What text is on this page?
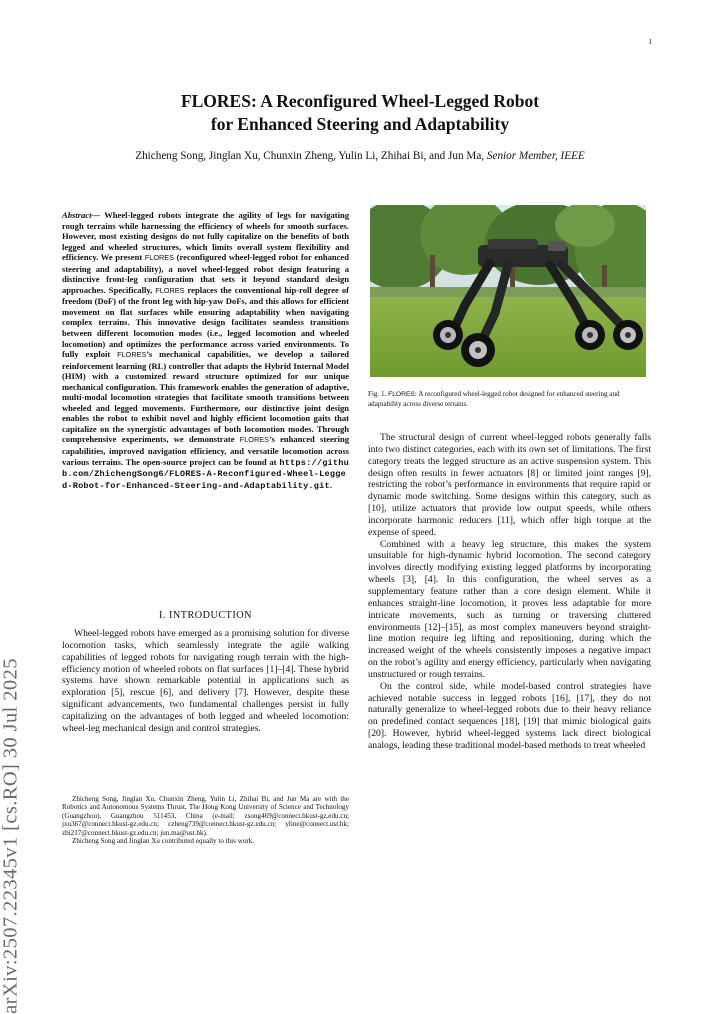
1
arXiv:2507.22345v1 [cs.RO] 30 Jul 2025
FLORES: A Reconfigured Wheel-Legged Robot
for Enhanced Steering and Adaptability
Zhicheng Song, Jinglan Xu, Chunxin Zheng, Yulin Li, Zhihai Bi, and Jun Ma, Senior Member, IEEE
Abstract— Wheel-legged robots integrate the agility of legs for navigating rough terrains while harnessing the efficiency of wheels for smooth surfaces. However, most existing designs do not fully capitalize on the benefits of both legged and wheeled structures, which limits overall system flexibility and efficiency. We present FLORES (reconfigured wheel-legged robot for enhanced steering and adaptability), a novel wheel-legged robot design featuring a distinctive front-leg configuration that sets it beyond standard design approaches. Specifically, FLORES replaces the conventional hip-roll degree of freedom (DoF) of the front leg with hip-yaw DoFs, and this allows for efficient movement on flat surfaces while ensuring adaptability when navigating complex terrains. This innovative design facilitates seamless transitions between different locomotion modes (i.e., legged locomotion and wheeled locomotion) and optimizes the performance across varied environments. To fully exploit FLORES’s mechanical capabilities, we develop a tailored reinforcement learning (RL) controller that adapts the Hybrid Internal Model (HIM) with a customized reward structure optimized for our unique mechanical configuration. This framework enables the generation of adaptive, multi-modal locomotion strategies that facilitate smooth transitions between wheeled and legged movements. Furthermore, our distinctive joint design enables the robot to exhibit novel and highly efficient locomotion gaits that capitalize on the synergistic advantages of both locomotion modes. Through comprehensive experiments, we demonstrate FLORES’s enhanced steering capabilities, improved navigation efficiency, and versatile locomotion across various terrains. The open-source project can be found at https://github.com/ZhichengSong6/FLORES-A-Reconfigured-Wheel-Legged-Robot-for-Enhanced-Steering-and-Adaptability.git.
I. INTRODUCTION

Wheel-legged robots have emerged as a promising solution for diverse locomotion tasks, which seamlessly integrate the agile walking capabilities of legged robots for navigating rough terrain with the high-efficiency motion of wheeled robots on flat surfaces [1]–[4]. These hybrid systems have shown remarkable potential in applications such as exploration [5], rescue [6], and delivery [7]. However, despite these significant advancements, two fundamental challenges persist in fully capitalizing on the advantages of both legged and wheeled locomotion: wheel-leg mechanical design and control strategies.

Zhicheng Song, Jinglan Xu, Chunxin Zheng, Yulin Li, Zhihai Bi, and Jun Ma are with the Robotics and Autonomous Systems Thrust, The Hong Kong University of Science and Technology (Guangzhou), Guangzhou 511453, China (e-mail: zsong469@connect.hkust-gz.edu.cn; jxu367@connect.hkust-gz.edu.cn; czheng739@connect.hkust-gz.edu.cn; yline@connect.ust.hk; zbi217@connect.hkust-gz.edu.cn; jun.ma@ust.hk).

Zhicheng Song and Jinglan Xu contributed equally to this work.

Fig. 1. FLORES: A reconfigured wheel-legged robot designed for enhanced steering and adaptability across diverse terrains.

The structural design of current wheel-legged robots generally falls into two distinct categories, each with its own set of limitations. The first category treats the legged structure as an active suspension system. This design often results in fewer actuators [8] or limited joint ranges [9], restricting the robot’s performance in environments that require rapid or dynamic mode switching. Some designs within this category, such as [10], utilize actuators that provide low output speeds, while others incorporate harmonic reducers [11], which offer high torque at the expense of speed.

Combined with a heavy leg structure, this makes the system unsuitable for high-dynamic hybrid locomotion. The second category involves directly modifying existing legged platforms by incorporating wheels [3], [4]. In this configuration, the wheel serves as a supplementary feature rather than a core design element. While it enhances straight-line locomotion, it proves less adaptable for more intricate movements, such as turning or traversing cluttered environments [12]–[15], as most complex maneuvers beyond straight-line motion require leg lifting and repositioning, during which the increased weight of the wheels consistently imposes a negative impact on the robot’s agility and energy efficiency, particularly when navigating unstructured or rough terrains.

On the control side, while model-based control strategies have achieved notable success in legged robots [16], [17], they do not naturally generalize to wheel-legged robots due to their heavy reliance on predefined contact sequences [18], [19] that mimic biological gaits [20]. However, hybrid wheel-legged systems lack direct biological analogs, leading these traditional model-based methods to treat wheeled
